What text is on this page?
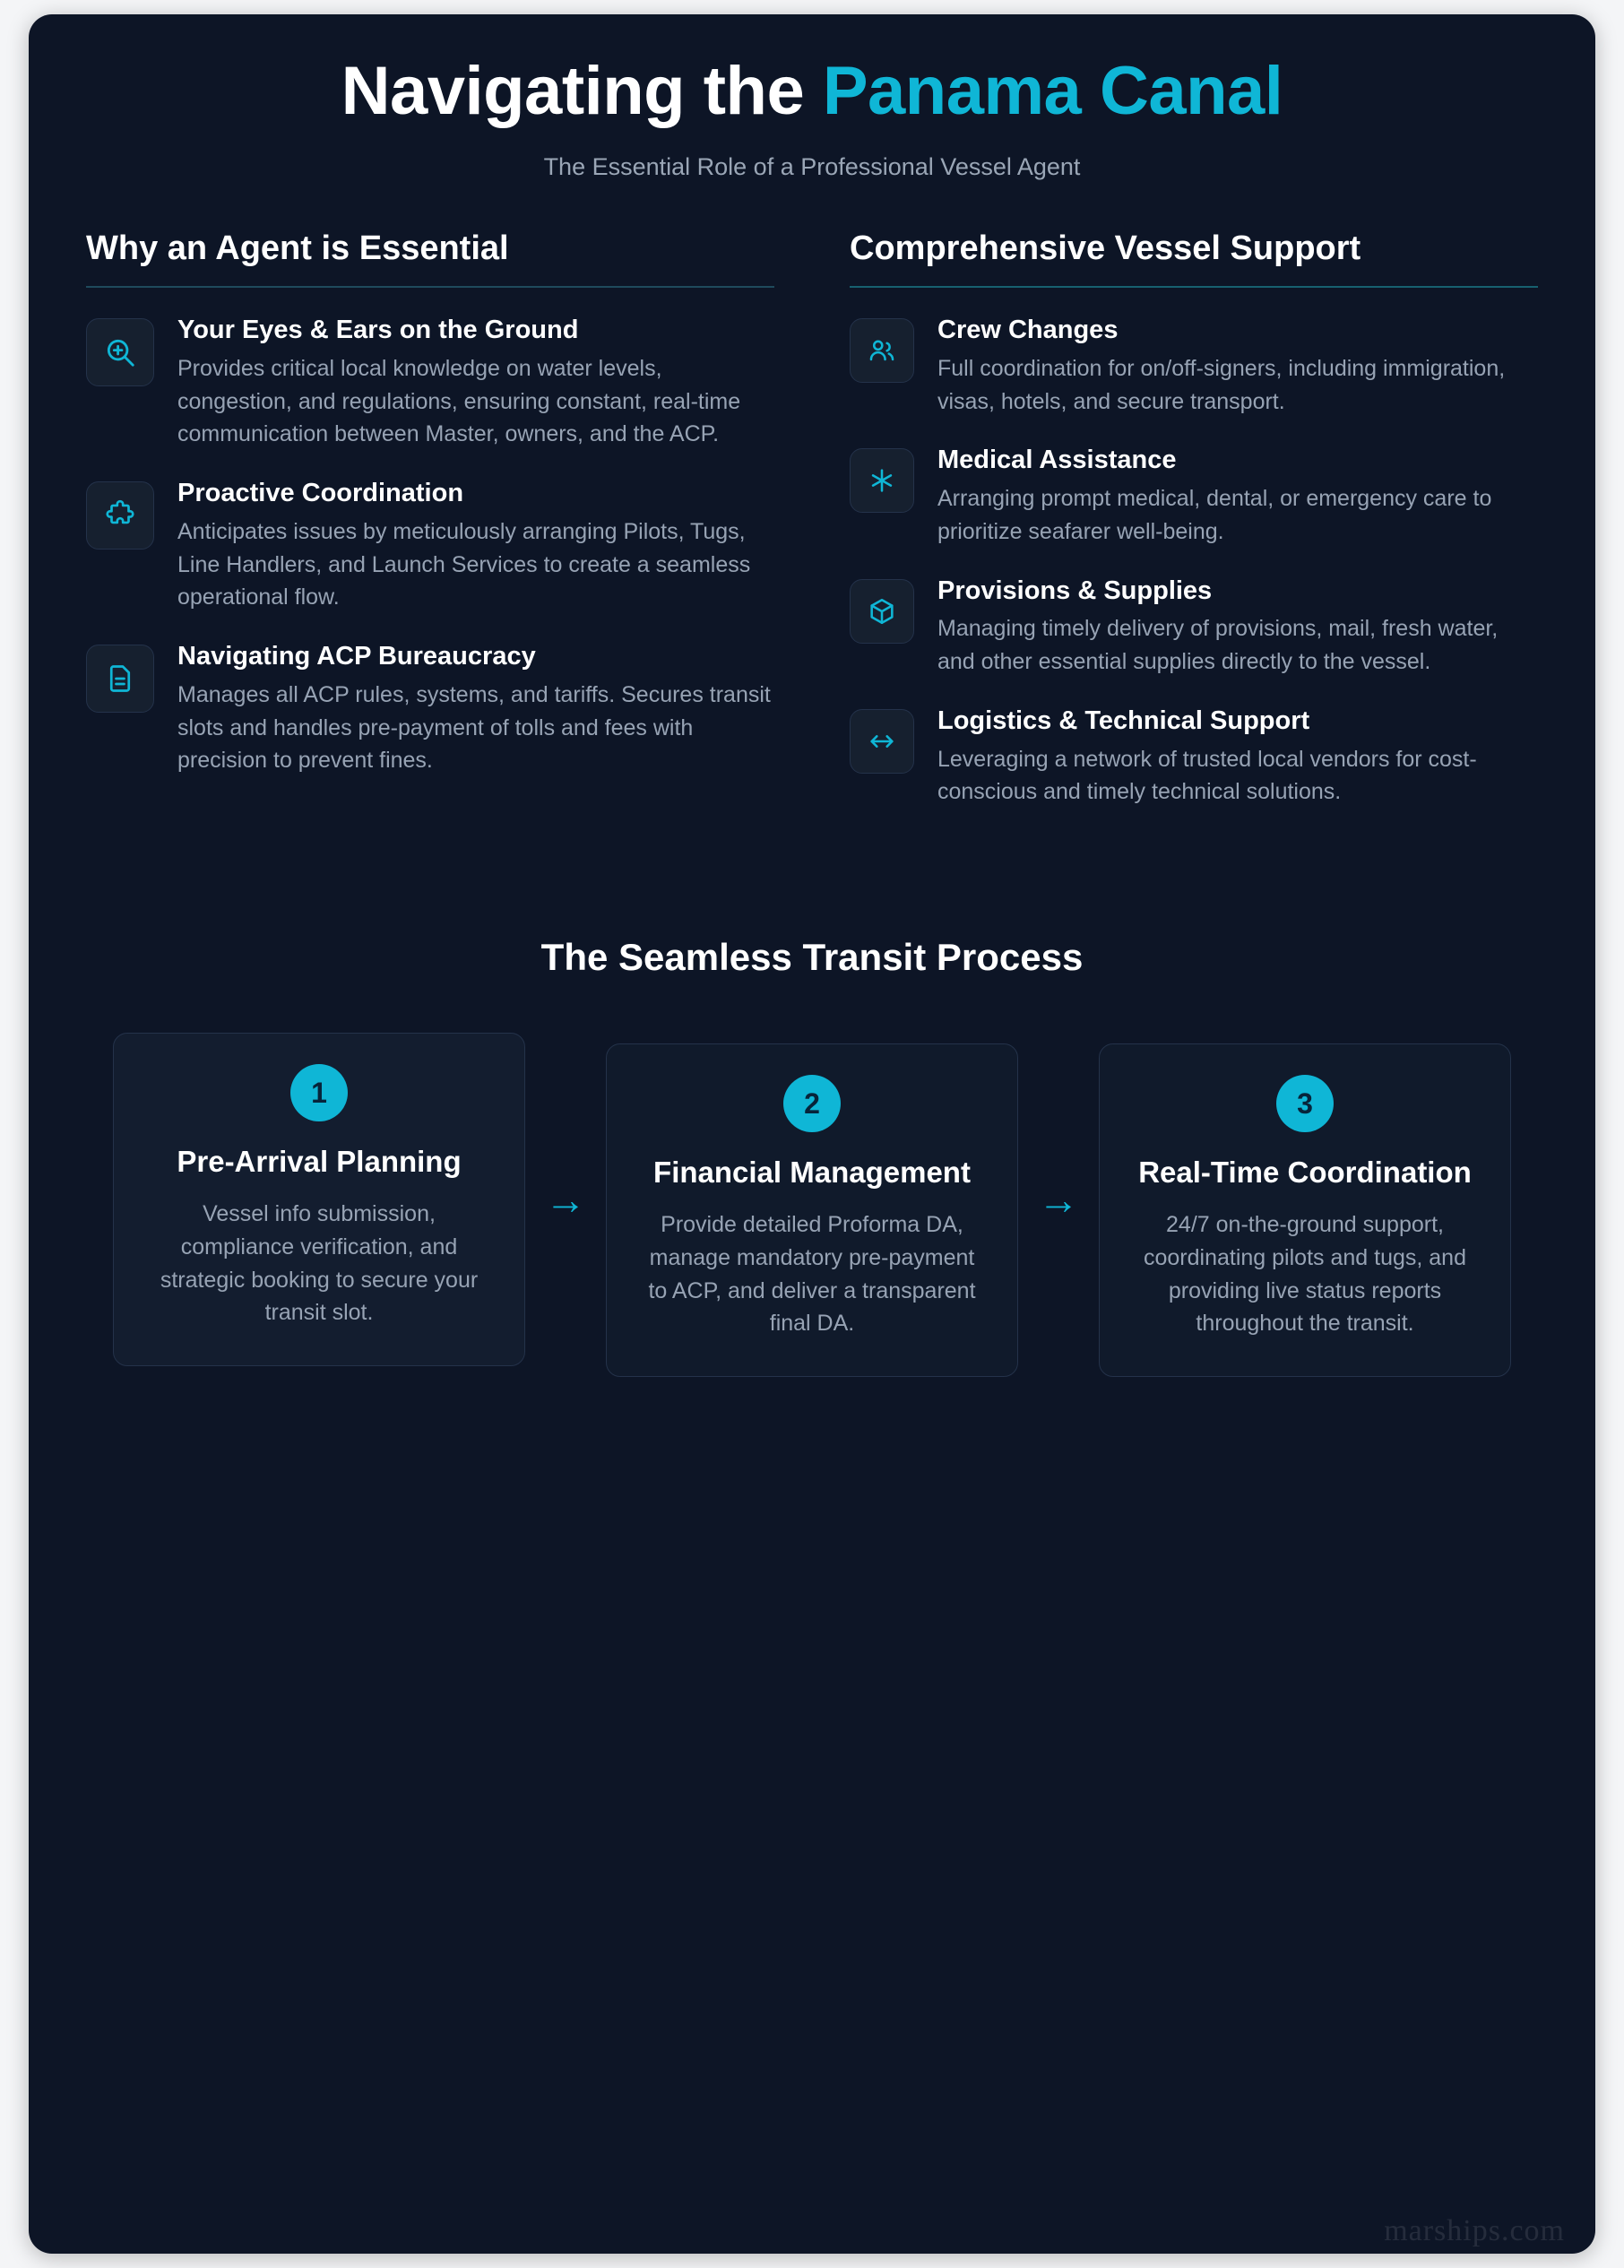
Navigating the Panama Canal
The Essential Role of a Professional Vessel Agent
Why an Agent is Essential
Your Eyes & Ears on the Ground
Provides critical local knowledge on water levels, congestion, and regulations, ensuring constant, real-time communication between Master, owners, and the ACP.
Proactive Coordination
Anticipates issues by meticulously arranging Pilots, Tugs, Line Handlers, and Launch Services to create a seamless operational flow.
Navigating ACP Bureaucracy
Manages all ACP rules, systems, and tariffs. Secures transit slots and handles pre-payment of tolls and fees with precision to prevent fines.
Comprehensive Vessel Support
Crew Changes
Full coordination for on/off-signers, including immigration, visas, hotels, and secure transport.
Medical Assistance
Arranging prompt medical, dental, or emergency care to prioritize seafarer well-being.
Provisions & Supplies
Managing timely delivery of provisions, mail, fresh water, and other essential supplies directly to the vessel.
Logistics & Technical Support
Leveraging a network of trusted local vendors for cost-conscious and timely technical solutions.
The Seamless Transit Process
1
Pre-Arrival Planning
Vessel info submission, compliance verification, and strategic booking to secure your transit slot.
→
2
Financial Management
Provide detailed Proforma DA, manage mandatory pre-payment to ACP, and deliver a transparent final DA.
→
3
Real-Time Coordination
24/7 on-the-ground support, coordinating pilots and tugs, and providing live status reports throughout the transit.
marships.com
